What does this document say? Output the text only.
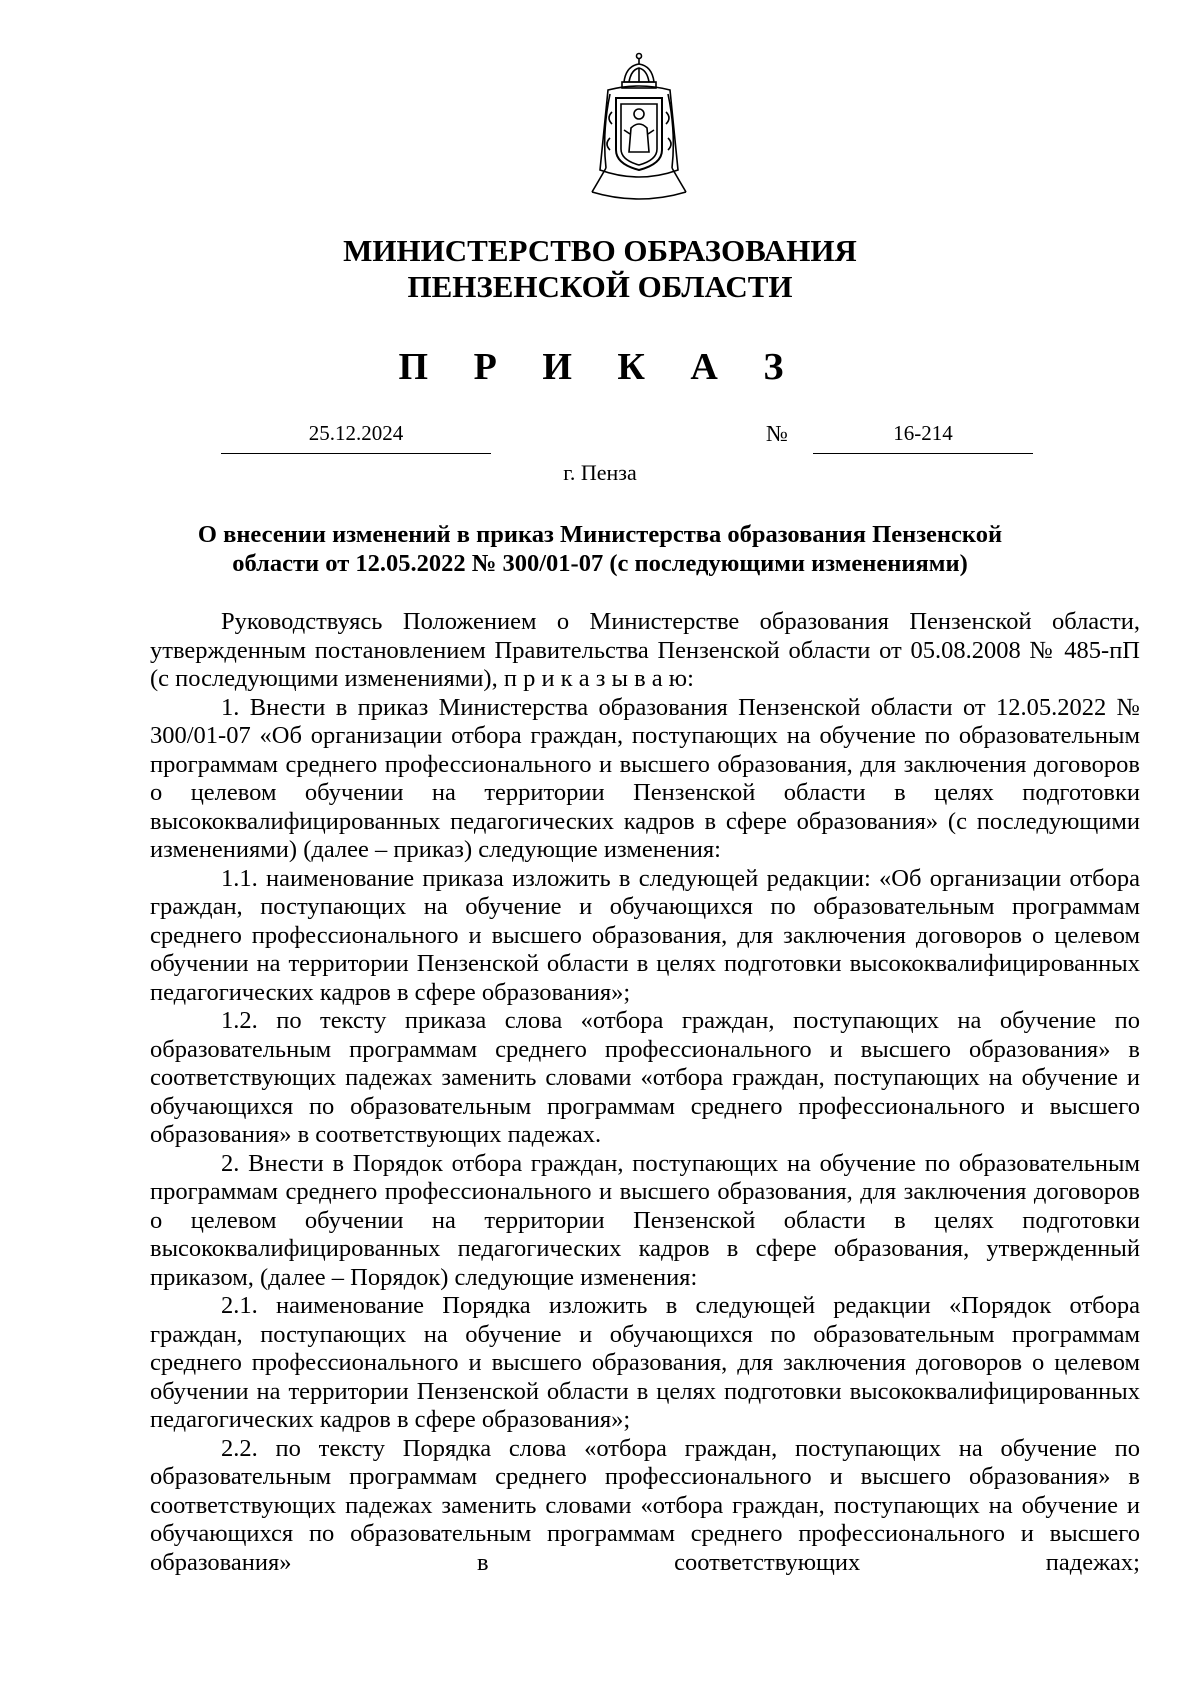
МИНИСТЕРСТВО ОБРАЗОВАНИЯ
ПЕНЗЕНСКОЙ ОБЛАСТИ
П Р И К А З
25.12.2024	№	16-214
г. Пенза
О внесении изменений в приказ Министерства образования Пензенской
области от 12.05.2022 № 300/01-07 (с последующими изменениями)

Руководствуясь Положением о Министерстве образования Пензенской области, утвержденным постановлением Правительства Пензенской области от 05.08.2008 № 485-пП (с последующими изменениями), п р и к а з ы в а ю:

1. Внести в приказ Министерства образования Пензенской области от 12.05.2022 № 300/01-07 «Об организации отбора граждан, поступающих на обучение по образовательным программам среднего профессионального и высшего образования, для заключения договоров о целевом обучении на территории Пензенской области в целях подготовки высококвалифицированных педагогических кадров в сфере образования» (с последующими изменениями) (далее – приказ) следующие изменения:

1.1. наименование приказа изложить в следующей редакции: «Об организации отбора граждан, поступающих на обучение и обучающихся по образовательным программам среднего профессионального и высшего образования, для заключения договоров о целевом обучении на территории Пензенской области в целях подготовки высококвалифицированных педагогических кадров в сфере образования»;

1.2. по тексту приказа слова «отбора граждан, поступающих на обучение по образовательным программам среднего профессионального и высшего образования» в соответствующих падежах заменить словами «отбора граждан, поступающих на обучение и обучающихся по образовательным программам среднего профессионального и высшего образования» в соответствующих падежах.

2. Внести в Порядок отбора граждан, поступающих на обучение по образовательным программам среднего профессионального и высшего образования, для заключения договоров о целевом обучении на территории Пензенской области в целях подготовки высококвалифицированных педагогических кадров в сфере образования, утвержденный приказом, (далее – Порядок) следующие изменения:

2.1. наименование Порядка изложить в следующей редакции «Порядок отбора граждан, поступающих на обучение и обучающихся по образовательным программам среднего профессионального и высшего образования, для заключения договоров о целевом обучении на территории Пензенской области в целях подготовки высококвалифицированных педагогических кадров в сфере образования»;

2.2. по тексту Порядка слова «отбора граждан, поступающих на обучение по образовательным программам среднего профессионального и высшего образования» в соответствующих падежах заменить словами «отбора граждан, поступающих на обучение и обучающихся по образовательным программам среднего профессионального и высшего образования» в соответствующих падежах;
